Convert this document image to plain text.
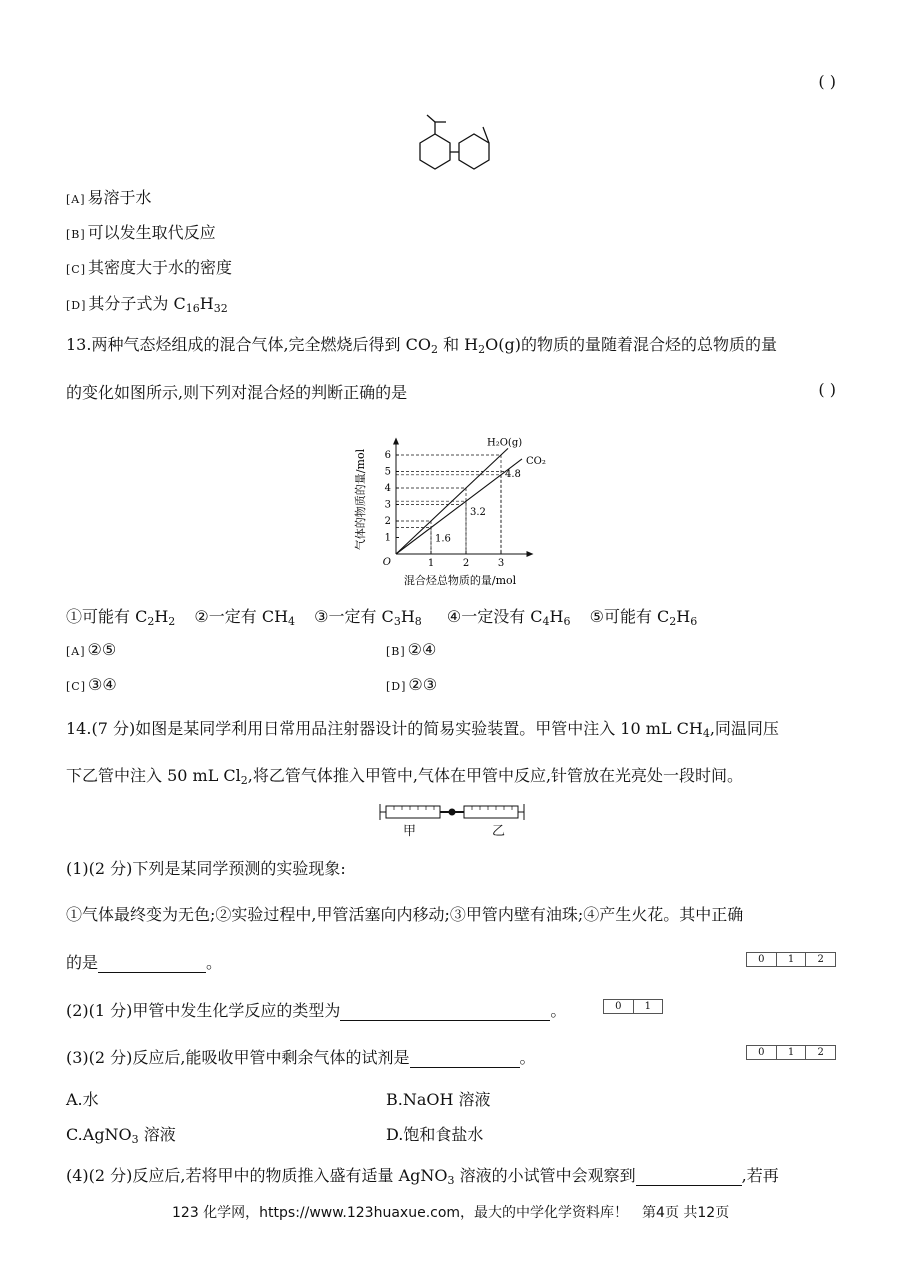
( )
[A] 易溶于水
[B] 可以发生取代反应
[C] 其密度大于水的密度
[D] 其分子式为 $C_{16}H_{32}$
13.两种气态烃组成的混合气体,完全燃烧后得到 $CO_2$ 和 $H_2O(g)$的物质的量随着混合烃的总物质的量
的变化如图所示,则下列对混合烃的判断正确的是	( )
1	2	3
1
2
3
4
5
6
O
H₂O(g)
CO₂
1.6
3.2
4.8
混合烃总物质的量/mol
气体的物质的量/mol
①可能有 $C_2H_2$ ②一定有 $CH_4$ ③一定有 $C_3H_8$ ④一定没有 $C_4H_6$ ⑤可能有 $C_2H_6$
[A] ②⑤	[B] ②④
[C] ③④	[D] ②③
14.(7 分)如图是某同学利用日常用品注射器设计的简易实验装置。甲管中注入 10 mL $CH_4$,同温同压
下乙管中注入 50 mL $Cl_2$,将乙管气体推入甲管中,气体在甲管中反应,针管放在光亮处一段时间。
甲	乙
(1)(2 分)下列是某同学预测的实验现象:
①气体最终变为无色;②实验过程中,甲管活塞向内移动;③甲管内壁有油珠;④产生火花。其中正确
的是	。	0	1	2
(2)(1 分)甲管中发生化学反应的类型为	。	0	1
(3)(2 分)反应后,能吸收甲管中剩余气体的试剂是	。	0	1	2
A.水	B.NaOH 溶液
C.AgNO$_3$ 溶液	D.饱和食盐水
(4)(2 分)反应后,若将甲中的物质推入盛有适量 AgNO$_3$ 溶液的小试管中会观察到	,若再
123 化学网，https://www.123huaxue.com，最大的中学化学资料库！　第4页 共12页
